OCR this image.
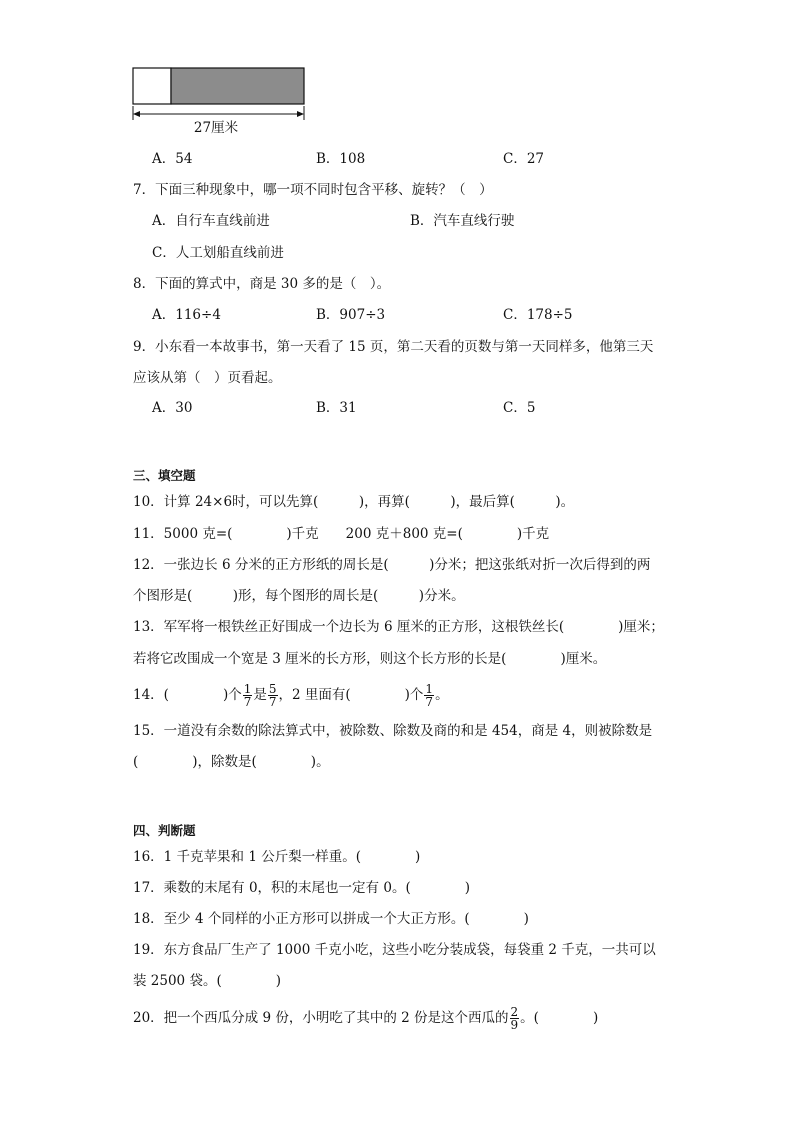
27厘米
A．54	B．108	C．27
7．下面三种现象中，哪一项不同时包含平移、旋转？（　）
A．自行车直线前进	B．汽车直线行驶
C．人工划船直线前进
8．下面的算式中，商是 30 多的是（　）。
A．116÷4	B．907÷3	C．178÷5
9．小东看一本故事书，第一天看了 15 页，第二天看的页数与第一天同样多，他第三天
应该从第（　）页看起。
A．30	B．31	C．5
三、填空题
10．计算 24×6时，可以先算(　　　)，再算(　　　)，最后算(　　　)。
11．5000 克=(　　　　)千克　　200 克＋800 克=(　　　　)千克
12．一张边长 6 分米的正方形纸的周长是(　　　)分米；把这张纸对折一次后得到的两
个图形是(　　　)形，每个图形的周长是(　　　)分米。
13．军军将一根铁丝正好围成一个边长为 6 厘米的正方形，这根铁丝长(　　　　)厘米；
若将它改围成一个宽是 3 厘米的长方形，则这个长方形的长是(　　　　)厘米。
14．(　　　　)个 $\frac{1}{7}$ 是 $\frac{5}{7}$ ，2 里面有(　　　　)个 $\frac{1}{7}$ 。
15．一道没有余数的除法算式中，被除数、除数及商的和是 454，商是 4，则被除数是
(　　　　)，除数是(　　　　)。
四、判断题
16．1 千克苹果和 1 公斤梨一样重。(　　　　)
17．乘数的末尾有 0，积的末尾也一定有 0。(　　　　)
18．至少 4 个同样的小正方形可以拼成一个大正方形。(　　　　)
19．东方食品厂生产了 1000 千克小吃，这些小吃分装成袋，每袋重 2 千克，一共可以
装 2500 袋。(　　　　)
20．把一个西瓜分成 9 份，小明吃了其中的 2 份是这个西瓜的 $\frac{2}{9}$ 。(　　　　)
